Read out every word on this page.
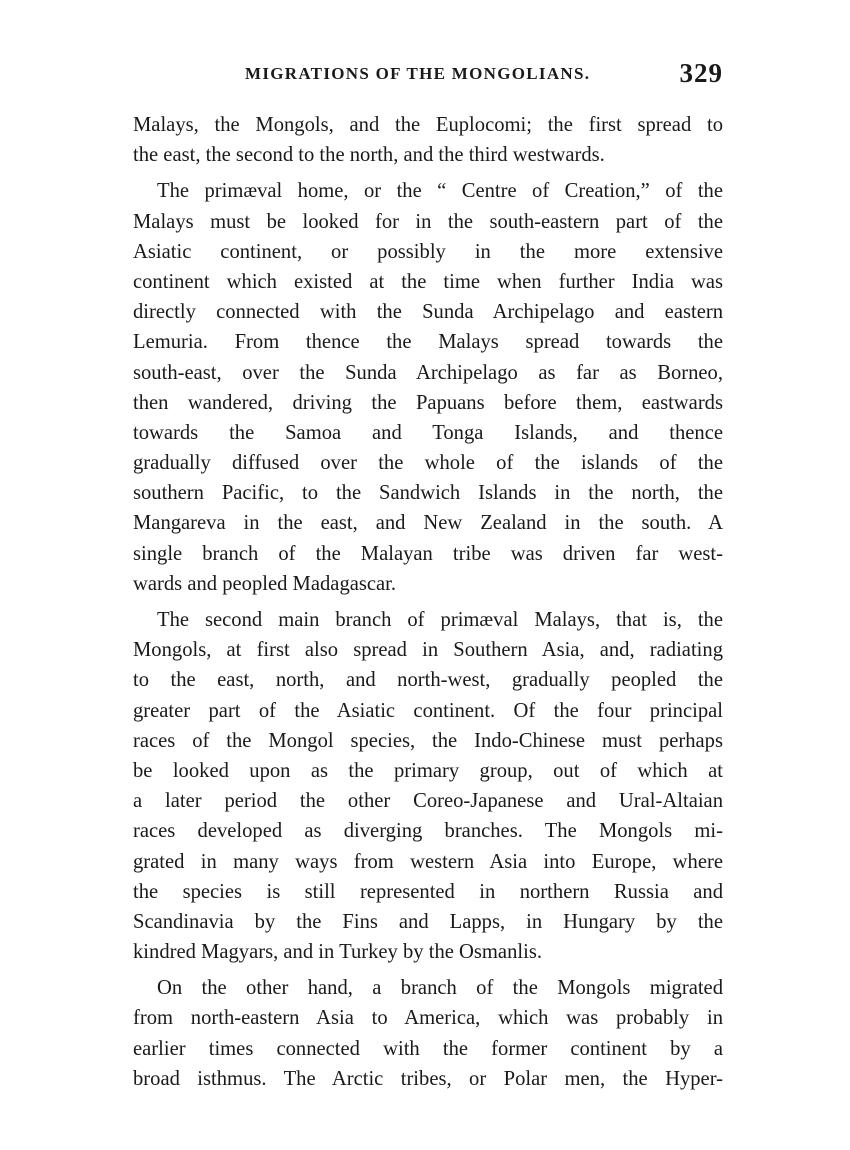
MIGRATIONS OF THE MONGOLIANS.	329
Malays, the Mongols, and the Euplocomi; the first spread to
the east, the second to the north, and the third westwards.
The primæval home, or the “ Centre of Creation,” of the
Malays must be looked for in the south-eastern part of the
Asiatic continent, or possibly in the more extensive
continent which existed at the time when further India was
directly connected with the Sunda Archipelago and eastern
Lemuria. From thence the Malays spread towards the
south-east, over the Sunda Archipelago as far as Borneo,
then wandered, driving the Papuans before them, eastwards
towards the Samoa and Tonga Islands, and thence
gradually diffused over the whole of the islands of the
southern Pacific, to the Sandwich Islands in the north, the
Mangareva in the east, and New Zealand in the south. A
single branch of the Malayan tribe was driven far west-
wards and peopled Madagascar.
The second main branch of primæval Malays, that is, the
Mongols, at first also spread in Southern Asia, and, radiating
to the east, north, and north-west, gradually peopled the
greater part of the Asiatic continent. Of the four principal
races of the Mongol species, the Indo-Chinese must perhaps
be looked upon as the primary group, out of which at
a later period the other Coreo-Japanese and Ural-Altaian
races developed as diverging branches. The Mongols mi-
grated in many ways from western Asia into Europe, where
the species is still represented in northern Russia and
Scandinavia by the Fins and Lapps, in Hungary by the
kindred Magyars, and in Turkey by the Osmanlis.
On the other hand, a branch of the Mongols migrated
from north-eastern Asia to America, which was probably in
earlier times connected with the former continent by a
broad isthmus. The Arctic tribes, or Polar men, the Hyper-
